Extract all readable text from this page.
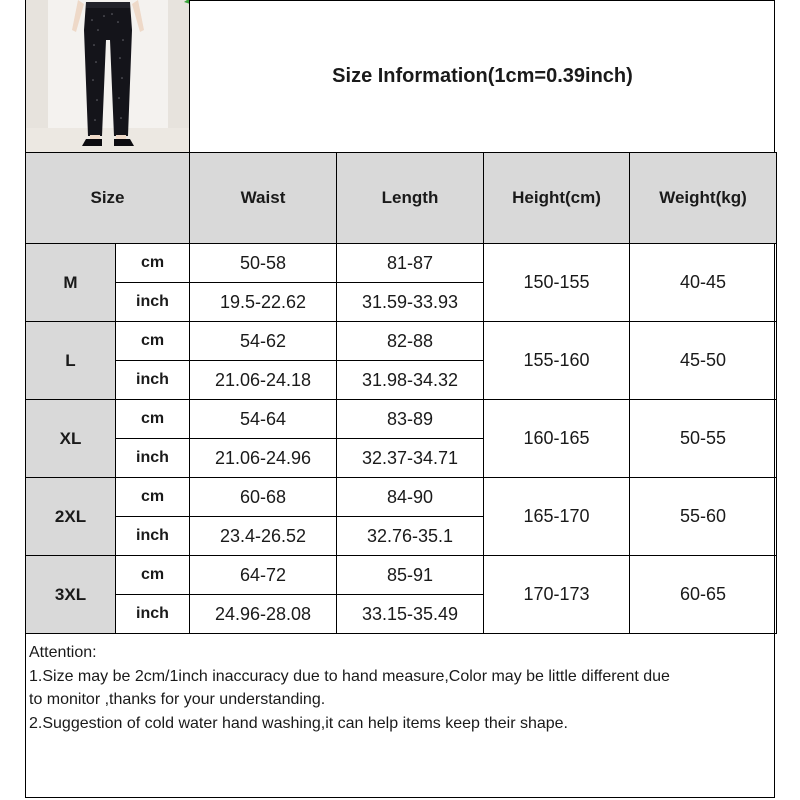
Size Information(1cm=0.39inch)
Size		Waist	Length	Height(cm)	Weight(kg)
M	cm	50-58	81-87	150-155	40-45
	inch	19.5-22.62	31.59-33.93		
L	cm	54-62	82-88	155-160	45-50
	inch	21.06-24.18	31.98-34.32		
XL	cm	54-64	83-89	160-165	50-55
	inch	21.06-24.96	32.37-34.71		
2XL	cm	60-68	84-90	165-170	55-60
	inch	23.4-26.52	32.76-35.1		
3XL	cm	64-72	85-91	170-173	60-65
	inch	24.96-28.08	33.15-35.49		
Attention:
1.Size may be 2cm/1inch inaccuracy due to hand measure,Color may be little different due
to monitor ,thanks for your understanding.
2.Suggestion of cold water hand washing,it can help items keep their shape.
